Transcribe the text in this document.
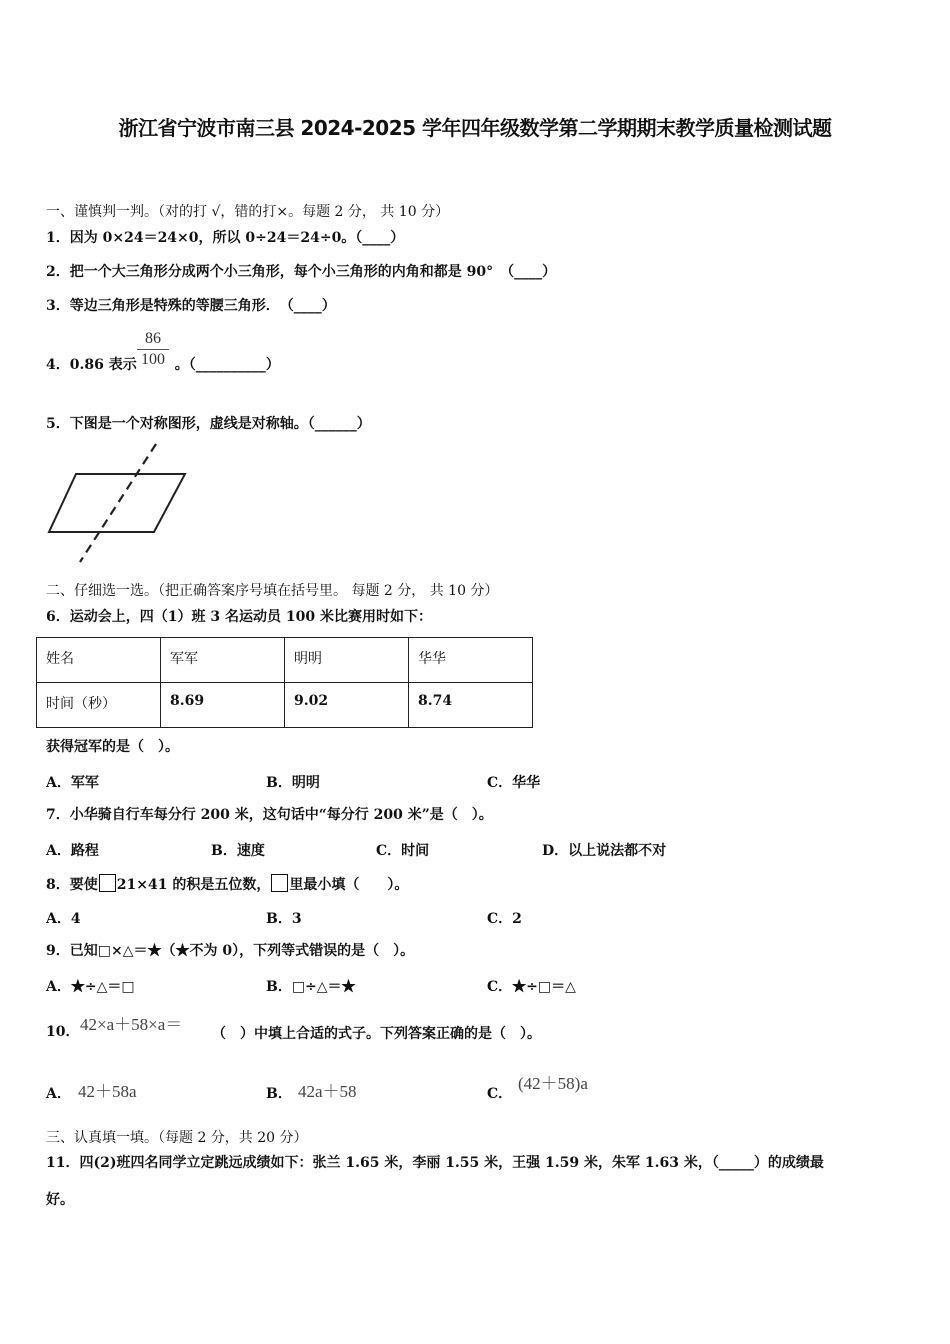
浙江省宁波市南三县 2024-2025 学年四年级数学第二学期期末教学质量检测试题
一、谨慎判一判。（对的打 √，错的打×。每题 2 分， 共 10 分）
1．因为 0×24＝24×0，所以 0÷24＝24÷0。（____）
2．把一个大三角形分成两个小三角形，每个小三角形的内角和都是 90°　（____）
3．等边三角形是特殊的等腰三角形．　（____）
4．0.86 表示	。（__________）
86
100
5．下图是一个对称图形，虚线是对称轴。（______）
二、仔细选一选。（把正确答案序号填在括号里。 每题 2 分， 共 10 分）
6．运动会上，四（1）班 3 名运动员 100 米比赛用时如下：
姓名	军军	明明	华华
时间（秒）	8.69	9.02	8.74
获得冠军的是（　）。
A．军军	B．明明	C．华华
7．小华骑自行车每分行 200 米，这句话中“每分行 200 米”是（　）。
A．路程	B．速度	C．时间	D．以上说法都不对
8．要使 21×41 的积是五位数， 里最小填（　　）。
A．4	B．3	C．2
9．已知□×△＝★（★不为 0），下列等式错误的是（　）。
A．★÷△＝□	B．□÷△＝★	C．★÷□＝△
10． 42×a＋58×a＝ （　）中填上合适的式子。下列答案正确的是（　）。
A． 42＋58a	B． 42a＋58	C．
(42＋58)a
三、认真填一填。（每题 2 分，共 20 分）
11．四(2)班四名同学立定跳远成绩如下：张兰 1.65 米，李丽 1.55 米，王强 1.59 米，朱军 1.63 米，（_____）的成绩最
好。
